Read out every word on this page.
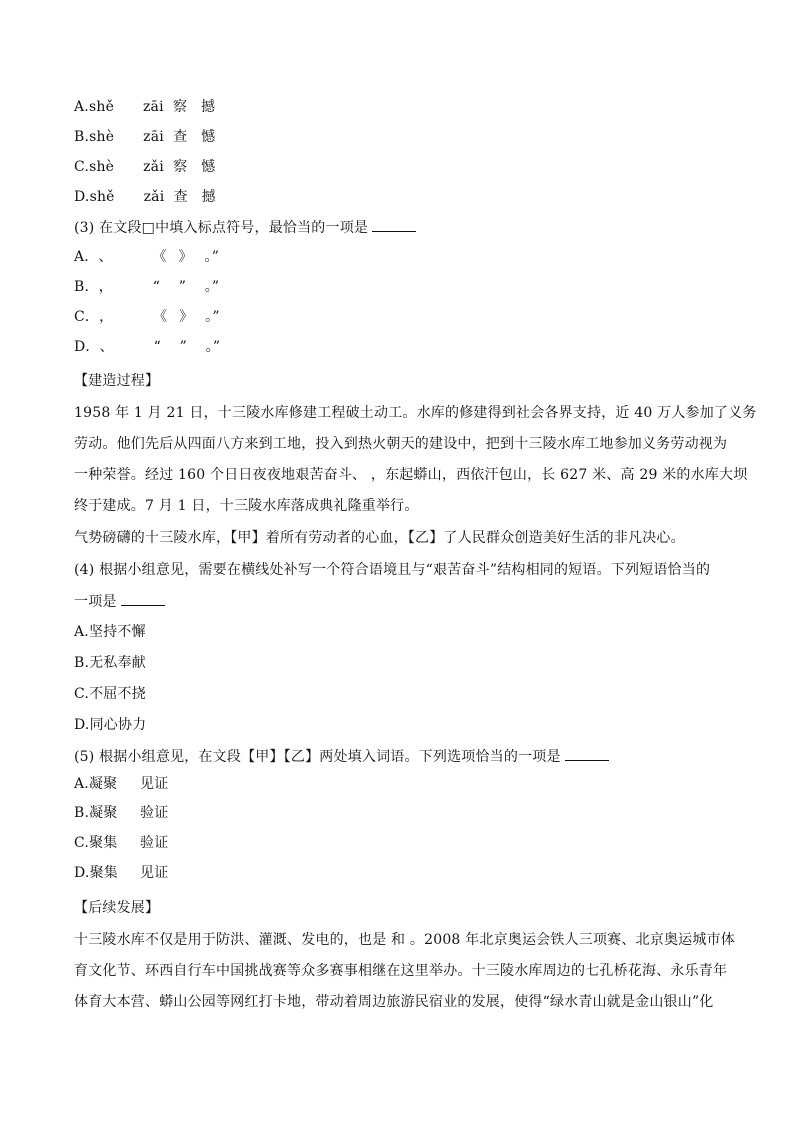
A.shě zāi 察 撼
B.shè zāi 查 憾
C.shè zǎi 察 憾
D.shě zǎi 查 撼
(3) 在文段□中填入标点符号，最恰当的一项是
A．、	《 》 。”
B．，	“ ” 。”
C．，	《 》 。”
D．、	“ ” 。”
【建造过程】
1958 年 1 月 21 日，十三陵水库修建工程破土动工。水库的修建得到社会各界支持，近 40 万人参加了义务
劳动。他们先后从四面八方来到工地，投入到热火朝天的建设中，把到十三陵水库工地参加义务劳动视为
一种荣誉。经过 160 个日日夜夜地艰苦奋斗、 ，东起蟒山，西依汗包山，长 627 米、高 29 米的水库大坝
终于建成。7 月 1 日，十三陵水库落成典礼隆重举行。
气势磅礴的十三陵水库，【甲】着所有劳动者的心血，【乙】了人民群众创造美好生活的非凡决心。
(4) 根据小组意见，需要在横线处补写一个符合语境且与“艰苦奋斗”结构相同的短语。下列短语恰当的
一项是
A.坚持不懈
B.无私奉献
C.不屈不挠
D.同心协力
(5) 根据小组意见，在文段【甲】【乙】两处填入词语。下列选项恰当的一项是
A.凝聚 见证
B.凝聚 验证
C.聚集 验证
D.聚集 见证
【后续发展】
十三陵水库不仅是用于防洪、灌溉、发电的，也是 和 。2008 年北京奥运会铁人三项赛、北京奥运城市体
育文化节、环西自行车中国挑战赛等众多赛事相继在这里举办。十三陵水库周边的七孔桥花海、永乐青年
体育大本营、蟒山公园等网红打卡地，带动着周边旅游民宿业的发展，使得“绿水青山就是金山银山”化
